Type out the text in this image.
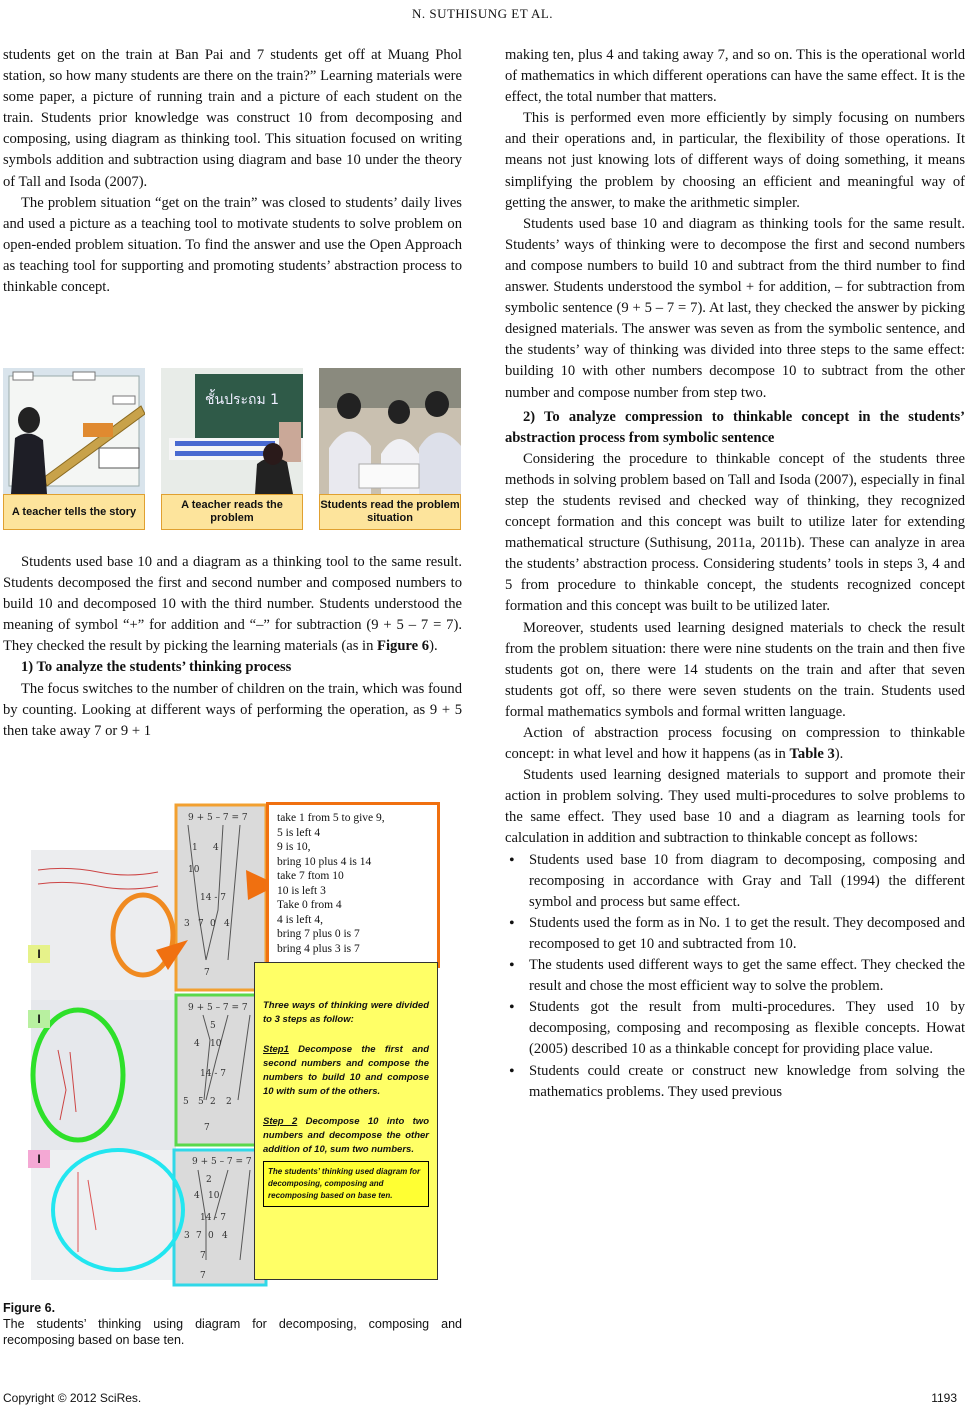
N. SUTHISUNG ET AL.

students get on the train at Ban Pai and 7 students get off at Muang Phol station, so how many students are there on the train?” Learning materials were some paper, a picture of running train and a picture of each student on the train. Students prior knowledge was construct 10 from decomposing and composing, using diagram as thinking tool. This situation focused on writing symbols addition and subtraction using diagram and base 10 under the theory of Tall and Isoda (2007).

The problem situation “get on the train” was closed to students’ daily lives and used a picture as a teaching tool to motivate students to solve problem on open-ended problem situation. To find the answer and use the Open Approach as teaching tool for supporting and promoting students’ abstraction process to thinkable concept.

ชั้นประถม 1
A teacher tells the story
A teacher reads the problem
Students read the problem situation

Students used base 10 and a diagram as a thinking tool to the same result. Students decomposed the first and second number and composed numbers to build 10 and decomposed 10 with the third number. Students understood the meaning of symbol “+” for addition and “–” for subtraction (9 + 5 – 7 = 7). They checked the result by picking the learning materials (as in Figure 6).

1) To analyze the students’ thinking process

The focus switches to the number of children on the train, which was found by counting. Looking at different ways of performing the operation, as 9 + 5 then take away 7 or 9 + 1

9 + 5 – 7 = 7
1 4
10
14 - 7
3 7 0 4
7
9 + 5 – 7 = 7
5
4 10
14 - 7
5 5 2 2
7
9 + 5 – 7 = 7
2
4 10
14 - 7
3 7 0 4
7
7
take 1 from 5 to give 9,
5 is left 4
9 is 10,
bring 10 plus 4 is 14
take 7 ftom 10
10 is left 3
Take 0 from 4
4 is left 4,
bring 7 plus 0 is 7
bring 4 plus 3 is 7
Three ways of thinking were divided to 3 steps as follow:
Step1 Decompose the first and second numbers and compose the numbers to build 10 and compose 10 with sum of the others.
Step 2 Decompose 10 into two numbers and decompose the other addition of 10, sum two numbers.
The students’ thinking used diagram for decomposing, composing and recomposing based on base ten.
I
I
I
Figure 6.
The students’ thinking using diagram for decomposing, composing and recomposing based on base ten.

making ten, plus 4 and taking away 7, and so on. This is the operational world of mathematics in which different operations can have the same effect. It is the effect, the total number that matters.

This is performed even more efficiently by simply focusing on numbers and their operations and, in particular, the flexibility of those operations. It means not just knowing lots of different ways of doing something, it means simplifying the problem by choosing an efficient and meaningful way of getting the answer, to make the arithmetic simpler.

Students used base 10 and diagram as thinking tools for the same result. Students’ ways of thinking were to decompose the first and second numbers and compose numbers to build 10 and subtract from the third number to find answer. Students understood the symbol + for addition, – for subtraction from symbolic sentence (9 + 5 – 7 = 7). At last, they checked the answer by picking designed materials. The answer was seven as from the symbolic sentence, and the students’ way of thinking was divided into three steps to the same effect: building 10 with other numbers decompose 10 to subtract from the other number and compose number from step two.

2) To analyze compression to thinkable concept in the students’ abstraction process from symbolic sentence

Considering the procedure to thinkable concept of the students three methods in solving problem based on Tall and Isoda (2007), especially in final step the students revised and checked way of thinking, they recognized concept formation and this concept was built to utilize later for extending mathematical structure (Suthisung, 2011a, 2011b). These can analyze in area the students’ abstraction process. Considering students’ tools in steps 3, 4 and 5 from procedure to thinkable concept, the students recognized concept formation and this concept was built to be utilized later.

Moreover, students used learning designed materials to check the result from the problem situation: there were nine students on the train and then five students got on, there were 14 students on the train and after that seven students got off, so there were seven students on the train. Students used formal mathematics symbols and formal written language.

Action of abstraction process focusing on compression to thinkable concept: in what level and how it happens (as in Table 3).

Students used learning designed materials to support and promote their action in problem solving. They used multi-procedures to solve problems to the same effect. They used base 10 and a diagram as learning tools for calculation in addition and subtraction to thinkable concept as follows:

• Students used base 10 from diagram to decomposing, composing and recomposing in accordance with Gray and Tall (1994) the different symbol and process but same effect.
• Students used the form as in No. 1 to get the result. They decomposed and recomposed to get 10 and subtracted from 10.
• The students used different ways to get the same effect. They checked the result and chose the most efficient way to solve the problem.
• Students got the result from multi-procedures. They used 10 by decomposing, composing and recomposing as flexible concepts. Howat (2005) described 10 as a thinkable concept for providing place value.
• Students could create or construct new knowledge from solving the mathematics problems. They used previous
Copyright © 2012 SciRes.	1193
